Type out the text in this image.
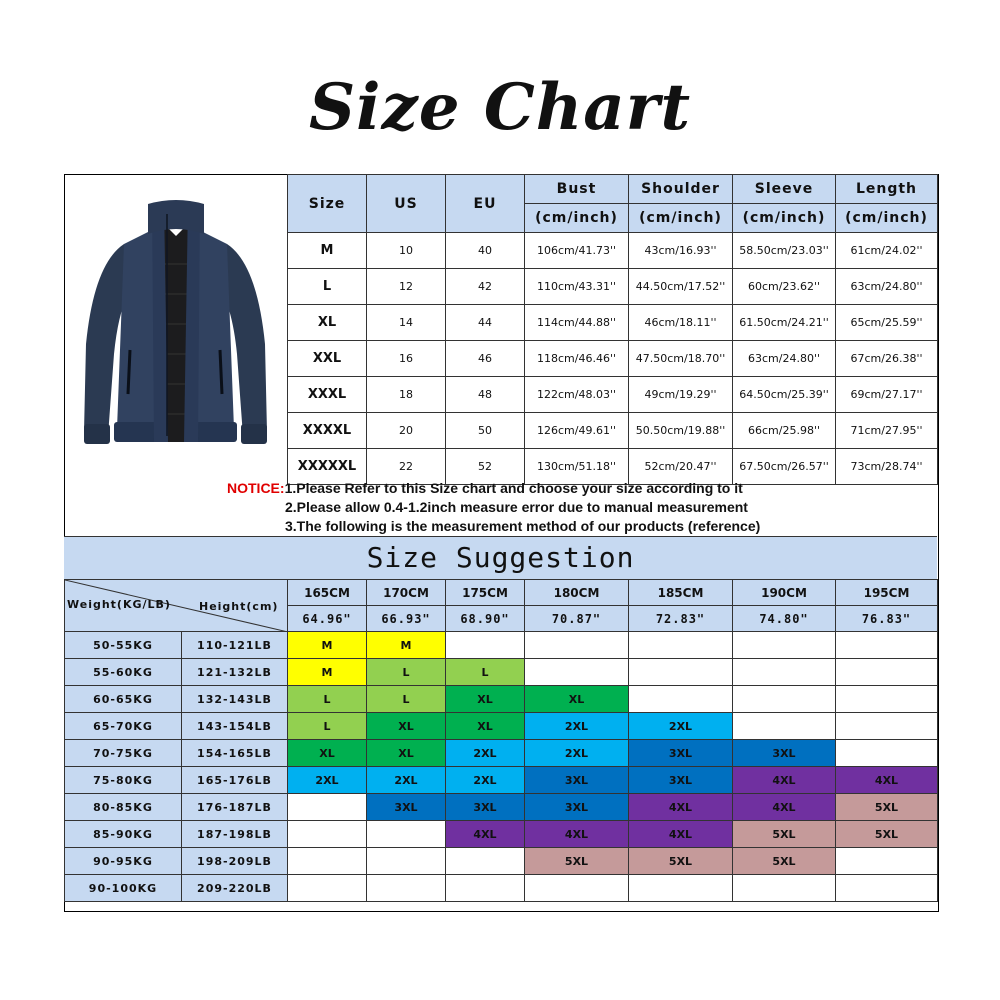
Size Chart
Size	US	EU	Bust	Shoulder	Sleeve	Length
			(cm/inch)	(cm/inch)	(cm/inch)	(cm/inch)
M	10	40	106cm/41.73''	43cm/16.93''	58.50cm/23.03''	61cm/24.02''
L	12	42	110cm/43.31''	44.50cm/17.52''	60cm/23.62''	63cm/24.80''
XL	14	44	114cm/44.88''	46cm/18.11''	61.50cm/24.21''	65cm/25.59''
XXL	16	46	118cm/46.46''	47.50cm/18.70''	63cm/24.80''	67cm/26.38''
XXXL	18	48	122cm/48.03''	49cm/19.29''	64.50cm/25.39''	69cm/27.17''
XXXXL	20	50	126cm/49.61''	50.50cm/19.88''	66cm/25.98''	71cm/27.95''
XXXXXL	22	52	130cm/51.18''	52cm/20.47''	67.50cm/26.57''	73cm/28.74''
NOTICE:1.Please Refer to this Size chart and choose your size according to it
2.Please allow 0.4-1.2inch measure error due to manual measurement
3.The following is the measurement method of our products (reference)
Size Suggestion
Weight(KG/LB) Height(cm)		165CM	170CM	175CM	180CM	185CM	190CM	195CM
		64.96"	66.93"	68.90"	70.87"	72.83"	74.80"	76.83"
50-55KG	110-121LB	M	M					
55-60KG	121-132LB	M	L	L				
60-65KG	132-143LB	L	L	XL	XL			
65-70KG	143-154LB	L	XL	XL	2XL	2XL		
70-75KG	154-165LB	XL	XL	2XL	2XL	3XL	3XL	
75-80KG	165-176LB	2XL	2XL	2XL	3XL	3XL	4XL	4XL
80-85KG	176-187LB		3XL	3XL	3XL	4XL	4XL	5XL
85-90KG	187-198LB			4XL	4XL	4XL	5XL	5XL
90-95KG	198-209LB				5XL	5XL	5XL	
90-100KG	209-220LB							
